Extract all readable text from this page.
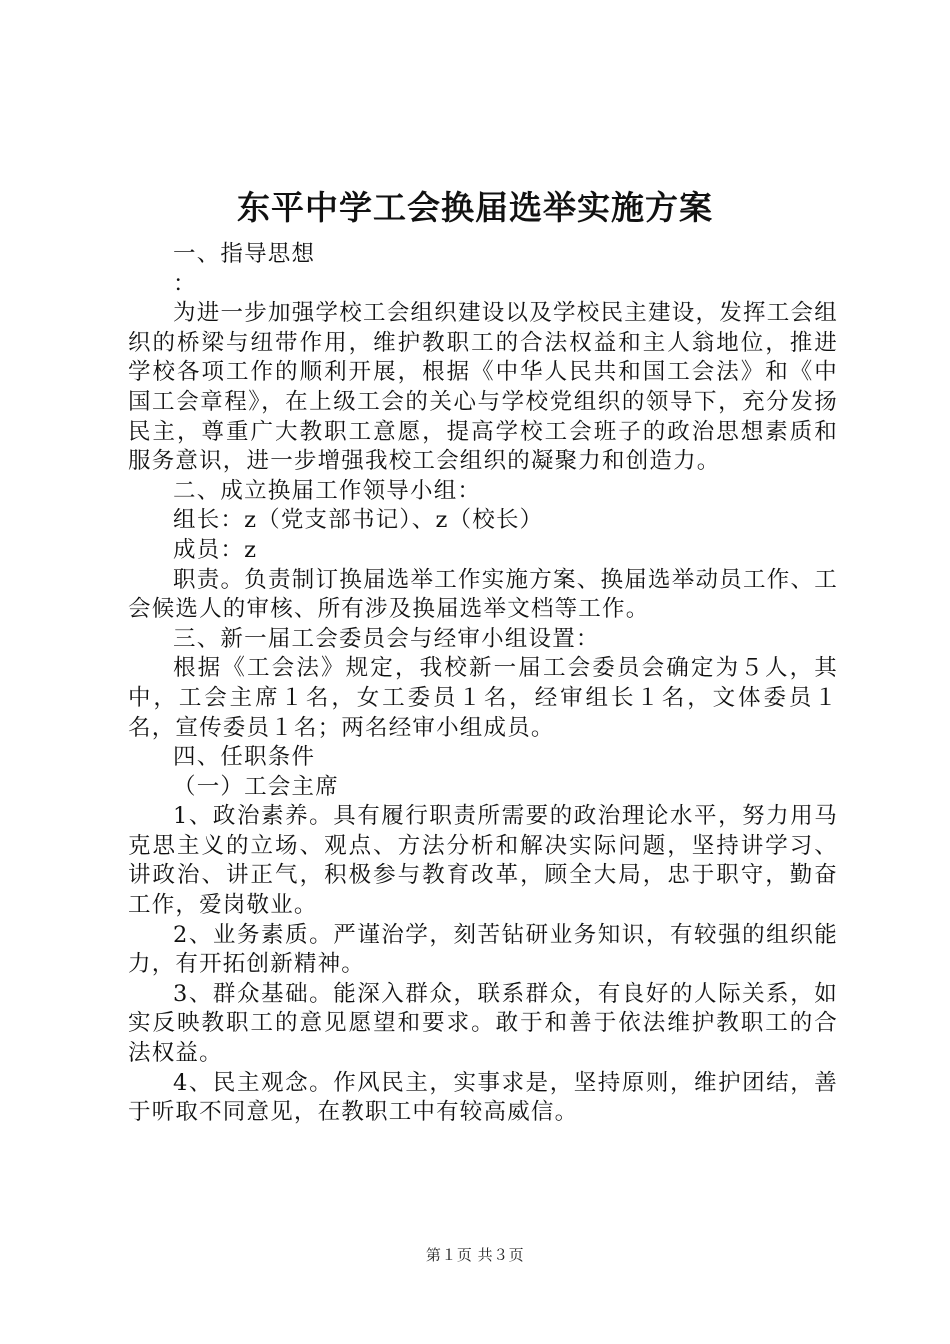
东平中学工会换届选举实施方案

一、指导思想

：

为进一步加强学校工会组织建设以及学校民主建设，发挥工会组织的桥梁与纽带作用，维护教职工的合法权益和主人翁地位，推进学校各项工作的顺利开展，根据《中华人民共和国工会法》和《中国工会章程》，在上级工会的关心与学校党组织的领导下，充分发扬民主，尊重广大教职工意愿，提高学校工会班子的政治思想素质和服务意识，进一步增强我校工会组织的凝聚力和创造力。

二、成立换届工作领导小组：

组长：z（党支部书记）、z（校长）

成员：z

职责。负责制订换届选举工作实施方案、换届选举动员工作、工会候选人的审核、所有涉及换届选举文档等工作。

三、新一届工会委员会与经审小组设置：

根据《工会法》规定，我校新一届工会委员会确定为５人，其中，工会主席１名，女工委员１名，经审组长１名，文体委员１名，宣传委员１名；两名经审小组成员。

四、任职条件

（一）工会主席

1、政治素养。具有履行职责所需要的政治理论水平，努力用马克思主义的立场、观点、方法分析和解决实际问题，坚持讲学习、讲政治、讲正气，积极参与教育改革，顾全大局，忠于职守，勤奋工作，爱岗敬业。

2、业务素质。严谨治学，刻苦钻研业务知识，有较强的组织能力，有开拓创新精神。

3、群众基础。能深入群众，联系群众，有良好的人际关系，如实反映教职工的意见愿望和要求。敢于和善于依法维护教职工的合法权益。

4、民主观念。作风民主，实事求是，坚持原则，维护团结，善于听取不同意见，在教职工中有较高威信。

第１页 共３页
